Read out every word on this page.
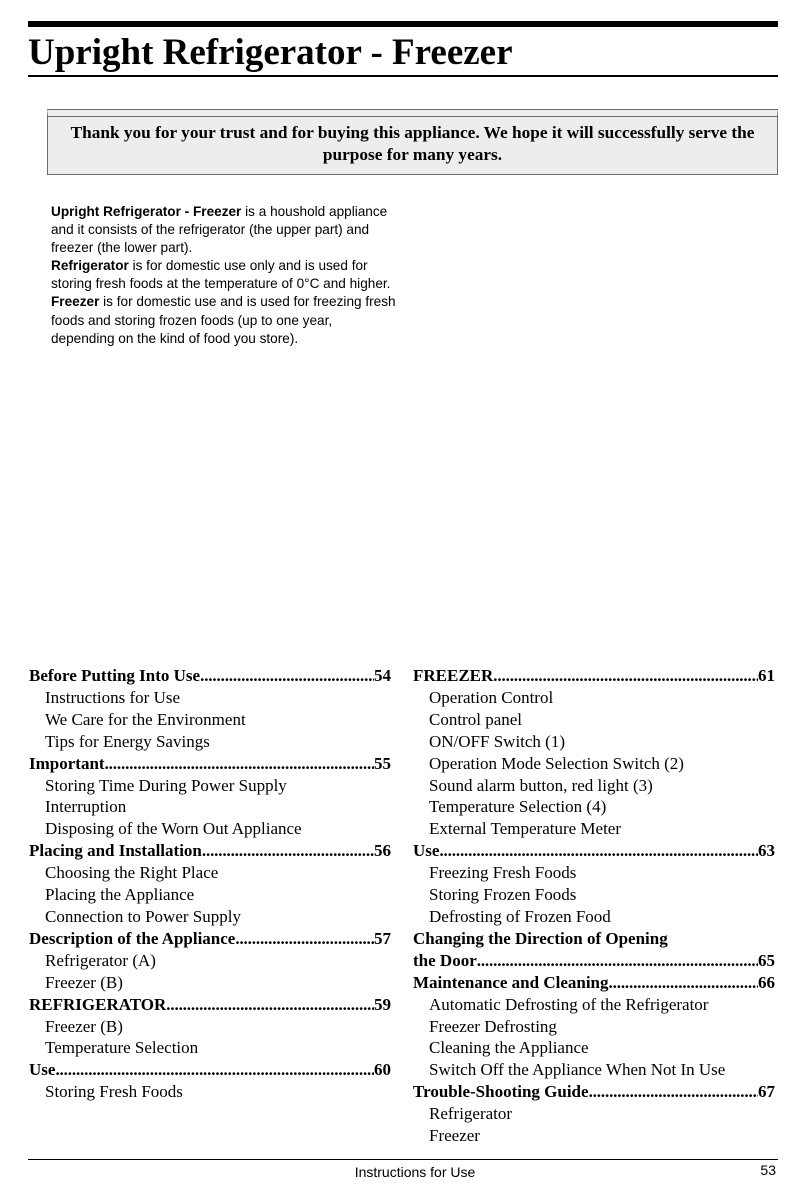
Upright Refrigerator - Freezer
Thank you for your trust and for buying this appliance. We hope it will successfully serve the purpose for many years.

Upright Refrigerator - Freezer is a houshold appliance and it consists of the refrigerator (the upper part) and freezer (the lower part).

Refrigerator is for domestic use only and is used for storing fresh foods at the temperature of 0°C and higher.

Freezer is for domestic use and is used for freezing fresh foods and storing frozen foods (up to one year, depending on the kind of food you store).

Before Putting Into Use . . .	54
Instructions for Use
We Care for the Environment
Tips for Energy Savings
Important . . .	55
Storing Time During Power Supply
Interruption
Disposing of the Worn Out Appliance
Placing and Installation . . .	56
Choosing the Right Place
Placing the Appliance
Connection to Power Supply
Description of the Appliance . . .	57
Refrigerator (A)
Freezer (B)
REFRIGERATOR . . .	59
Freezer (B)
Temperature Selection
Use . . .	60
Storing Fresh Foods
FREEZER . . .	61
Operation Control
Control panel
ON/OFF Switch (1)
Operation Mode Selection Switch (2)
Sound alarm button, red light (3)
Temperature Selection (4)
External Temperature Meter
Use . . .	63
Freezing Fresh Foods
Storing Frozen Foods
Defrosting of Frozen Food
Changing the Direction of Opening
the Door . . .	65
Maintenance and Cleaning . . .	66
Automatic Defrosting of the Refrigerator
Freezer Defrosting
Cleaning the Appliance
Switch Off the Appliance When Not In Use
Trouble-Shooting Guide . . .	67
Refrigerator
Freezer
Instructions for Use	53
